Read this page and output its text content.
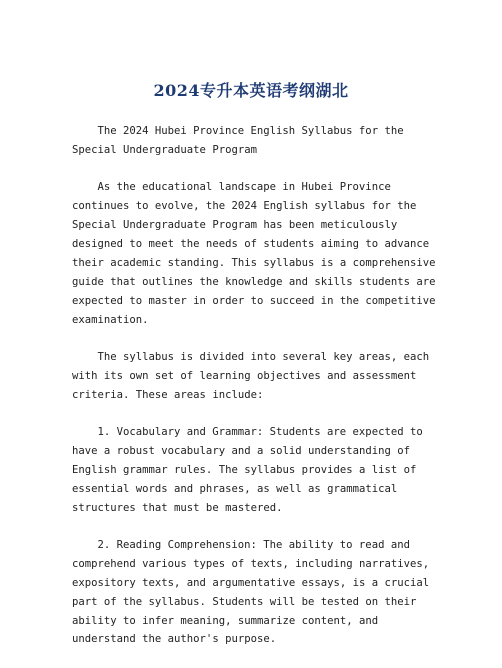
2024专升本英语考纲湖北

The 2024 Hubei Province English Syllabus for the Special Undergraduate Program

As the educational landscape in Hubei Province continues to evolve, the 2024 English syllabus for the Special Undergraduate Program has been meticulously designed to meet the needs of students aiming to advance their academic standing. This syllabus is a comprehensive guide that outlines the knowledge and skills students are expected to master in order to succeed in the competitive examination.

The syllabus is divided into several key areas, each with its own set of learning objectives and assessment criteria. These areas include:

1. Vocabulary and Grammar: Students are expected to have a robust vocabulary and a solid understanding of English grammar rules. The syllabus provides a list of essential words and phrases, as well as grammatical structures that must be mastered.

2. Reading Comprehension: The ability to read and comprehend various types of texts, including narratives, expository texts, and argumentative essays, is a crucial part of the syllabus. Students will be tested on their ability to infer meaning, summarize content, and understand the author's purpose.
